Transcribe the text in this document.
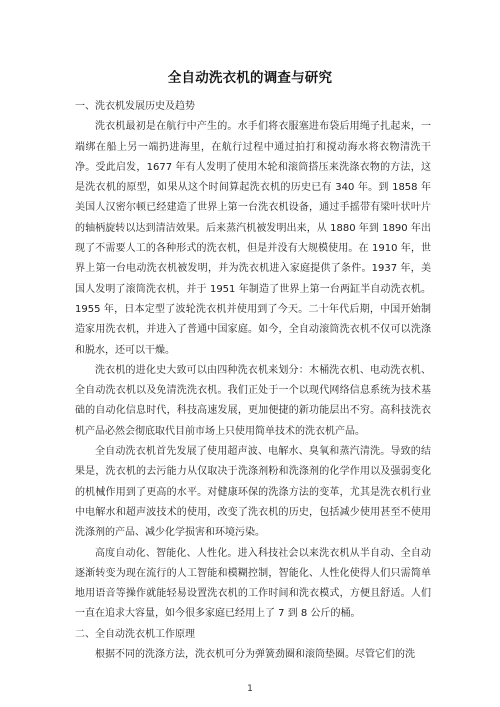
全自动洗衣机的调查与研究

一、洗衣机发展历史及趋势

洗衣机最初是在航行中产生的。水手们将衣服塞进布袋后用绳子扎起来，一端绑在船上另一端扔进海里，在航行过程中通过拍打和搅动海水将衣物清洗干净。受此启发，1677 年有人发明了使用木轮和滚筒搭压来洗涤衣物的方法，这是洗衣机的原型，如果从这个时间算起洗衣机的历史已有 340 年。到 1858 年美国人汉密尔顿已经建造了世界上第一台洗衣机设备，通过手摇带有梁叶状叶片的轴柄旋转以达到清洁效果。后来蒸汽机被发明出来，从 1880 年到 1890 年出现了不需要人工的各种形式的洗衣机，但是并没有大规模使用。在 1910 年，世界上第一台电动洗衣机被发明，并为洗衣机进入家庭提供了条件。1937 年，美国人发明了滚筒洗衣机，并于 1951 年制造了世界上第一台两缸半自动洗衣机。1955 年，日本定型了波轮洗衣机并使用到了今天。二十年代后期，中国开始制造家用洗衣机，并进入了普通中国家庭。如今，全自动滚筒洗衣机不仅可以洗涤和脱水，还可以干燥。

洗衣机的进化史大致可以由四种洗衣机来划分：木桶洗衣机、电动洗衣机、全自动洗衣机以及免清洗洗衣机。我们正处于一个以现代网络信息系统为技术基础的自动化信息时代，科技高速发展，更加便捷的新功能层出不穷。高科技洗衣机产品必然会彻底取代目前市场上只使用简单技术的洗衣机产品。

全自动洗衣机首先发展了使用超声波、电解水、臭氧和蒸汽清洗。导致的结果是，洗衣机的去污能力从仅取决于洗涤剂粉和洗涤剂的化学作用以及强弱变化的机械作用到了更高的水平。对健康环保的洗涤方法的变革，尤其是洗衣机行业中电解水和超声波技术的使用，改变了洗衣机的历史，包括减少使用甚至不使用洗涤剂的产品、减少化学损害和环境污染。

高度自动化、智能化、人性化。进入科技社会以来洗衣机从半自动、全自动逐渐转变为现在流行的人工智能和模糊控制，智能化、人性化使得人们只需简单地用语音等操作就能轻易设置洗衣机的工作时间和洗衣模式，方便且舒适。人们一直在追求大容量，如今很多家庭已经用上了 7 到 8 公斤的桶。

二、全自动洗衣机工作原理

根据不同的洗涤方法，洗衣机可分为弹簧劲圈和滚筒垫圈。尽管它们的洗

1
